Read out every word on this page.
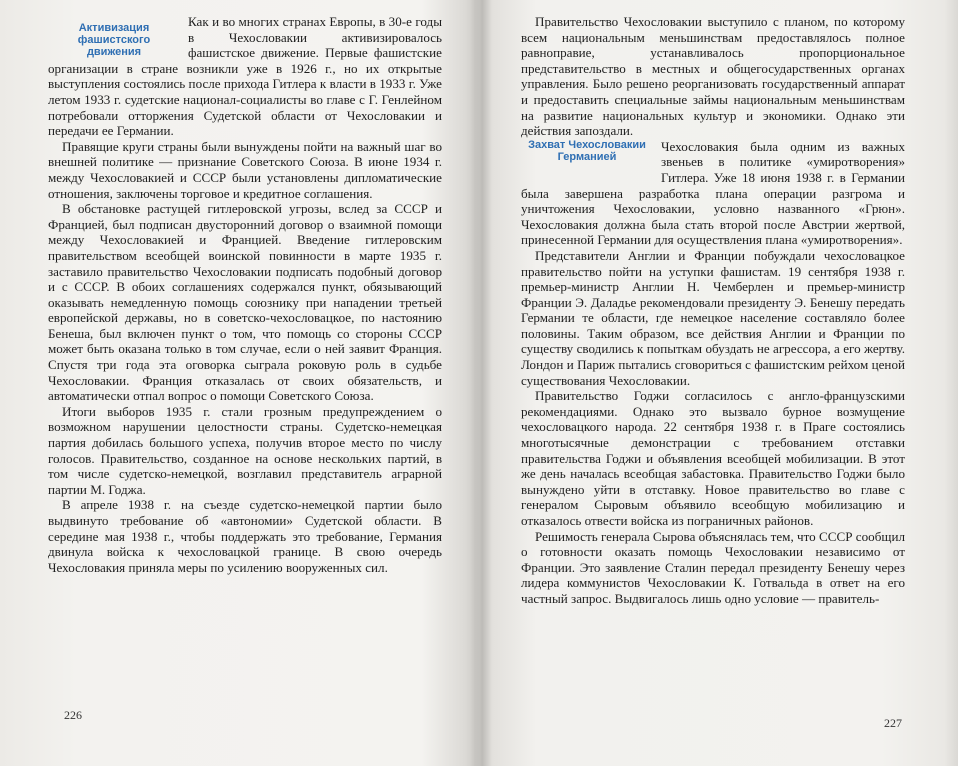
Активизация
фашистского
движения

Как и во многих странах Европы, в 30-е годы в Чехословакии активизировалось фашистское движение. Первые фашистские организации в стране возникли уже в 1926 г., но их открытые выступления состоялись после прихода Гитлера к власти в 1933 г. Уже летом 1933 г. судетские национал-социалисты во главе с Г. Генлейном потребовали отторжения Судетской области от Чехословакии и передачи ее Германии.

Правящие круги страны были вынуждены пойти на важный шаг во внешней политике — признание Советского Союза. В июне 1934 г. между Чехословакией и СССР были установлены дипломатические отношения, заключены торговое и кредитное соглашения.

В обстановке растущей гитлеровской угрозы, вслед за СССР и Францией, был подписан двусторонний договор о взаимной помощи между Чехословакией и Францией. Введение гитлеровским правительством всеобщей воинской повинности в марте 1935 г. заставило правительство Чехословакии подписать подобный договор и с СССР. В обоих соглашениях содержался пункт, обязывающий оказывать немедленную помощь союзнику при нападении третьей европейской державы, но в советско-чехословацкое, по настоянию Бенеша, был включен пункт о том, что помощь со стороны СССР может быть оказана только в том случае, если о ней заявит Франция. Спустя три года эта оговорка сыграла роковую роль в судьбе Чехословакии. Франция отказалась от своих обязательств, и автоматически отпал вопрос о помощи Советского Союза.

Итоги выборов 1935 г. стали грозным предупреждением о возможном нарушении целостности страны. Судетско-немецкая партия добилась большого успеха, получив второе место по числу голосов. Правительство, созданное на основе нескольких партий, в том числе судетско-немецкой, возглавил представитель аграрной партии М. Годжа.

В апреле 1938 г. на съезде судетско-немецкой партии было выдвинуто требование об «автономии» Судетской области. В середине мая 1938 г., чтобы поддержать это требование, Германия двинула войска к чехословацкой границе. В свою очередь Чехословакия приняла меры по усилению вооруженных сил.

226

Правительство Чехословакии выступило с планом, по которому всем национальным меньшинствам предоставлялось полное равноправие, устанавливалось пропорциональное представительство в местных и общегосударственных органах управления. Было решено реорганизовать государственный аппарат и предоставить специальные займы национальным меньшинствам на развитие национальных культур и экономики. Однако эти действия запоздали.

Захват Чехословакии
Германией

Чехословакия была одним из важных звеньев в политике «умиротворения» Гитлера. Уже 18 июня 1938 г. в Германии была завершена разработка плана операции разгрома и уничтожения Чехословакии, условно названного «Грюн». Чехословакия должна была стать второй после Австрии жертвой, принесенной Германии для осуществления плана «умиротворения».

Представители Англии и Франции побуждали чехословацкое правительство пойти на уступки фашистам. 19 сентября 1938 г. премьер-министр Англии Н. Чемберлен и премьер-министр Франции Э. Даладье рекомендовали президенту Э. Бенешу передать Германии те области, где немецкое население составляло более половины. Таким образом, все действия Англии и Франции по существу сводились к попыткам обуздать не агрессора, а его жертву. Лондон и Париж пытались сговориться с фашистским рейхом ценой существования Чехословакии.

Правительство Годжи согласилось с англо-французскими рекомендациями. Однако это вызвало бурное возмущение чехословацкого народа. 22 сентября 1938 г. в Праге состоялись многотысячные демонстрации с требованием отставки правительства Годжи и объявления всеобщей мобилизации. В этот же день началась всеобщая забастовка. Правительство Годжи было вынуждено уйти в отставку. Новое правительство во главе с генералом Сыровым объявило всеобщую мобилизацию и отказалось отвести войска из пограничных районов.

Решимость генерала Сырова объяснялась тем, что СССР сообщил о готовности оказать помощь Чехословакии независимо от Франции. Это заявление Сталин передал президенту Бенешу через лидера коммунистов Чехословакии К. Готвальда в ответ на его частный запрос. Выдвигалось лишь одно условие — правитель-

227
